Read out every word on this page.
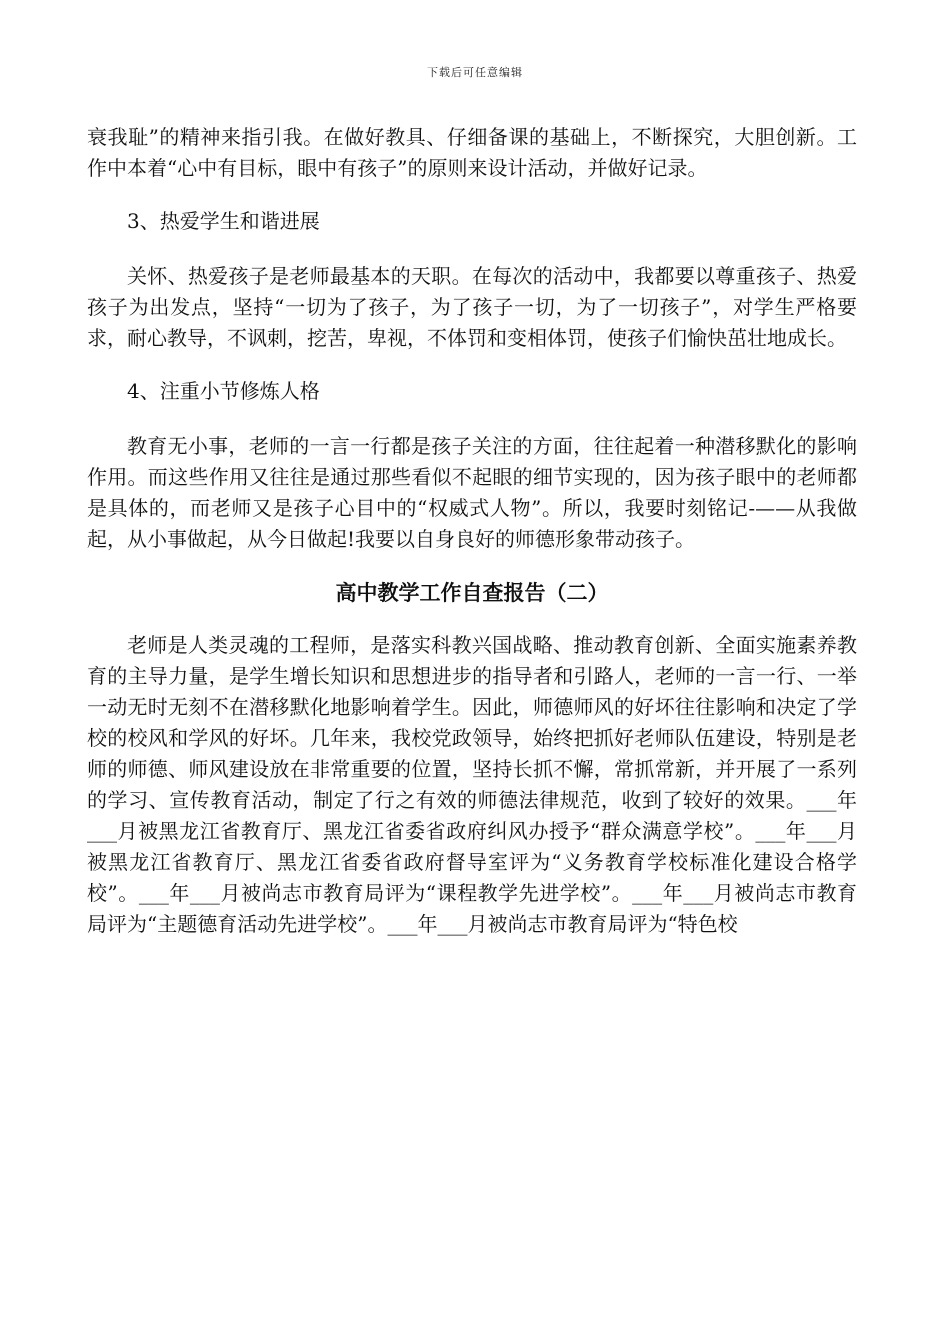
下载后可任意编辑

衰我耻”的精神来指引我。在做好教具、仔细备课的基础上，不断探究，大胆创新。工作中本着“心中有目标，眼中有孩子”的原则来设计活动，并做好记录。

3、热爱学生和谐进展

关怀、热爱孩子是老师最基本的天职。在每次的活动中，我都要以尊重孩子、热爱孩子为出发点，坚持“一切为了孩子，为了孩子一切，为了一切孩子”，对学生严格要求，耐心教导，不讽刺，挖苦，卑视，不体罚和变相体罚，使孩子们愉快茁壮地成长。

4、注重小节修炼人格

教育无小事，老师的一言一行都是孩子关注的方面，往往起着一种潜移默化的影响作用。而这些作用又往往是通过那些看似不起眼的细节实现的，因为孩子眼中的老师都是具体的，而老师又是孩子心目中的“权威式人物”。所以，我要时刻铭记-——从我做起，从小事做起，从今日做起!我要以自身良好的师德形象带动孩子。

高中教学工作自查报告（二）

老师是人类灵魂的工程师，是落实科教兴国战略、推动教育创新、全面实施素养教育的主导力量，是学生增长知识和思想进步的指导者和引路人，老师的一言一行、一举一动无时无刻不在潜移默化地影响着学生。因此，师德师风的好坏往往影响和决定了学校的校风和学风的好坏。几年来，我校党政领导，始终把抓好老师队伍建设，特别是老师的师德、师风建设放在非常重要的位置，坚持长抓不懈，常抓常新，并开展了一系列的学习、宣传教育活动，制定了行之有效的师德法律规范，收到了较好的效果。___年___月被黑龙江省教育厅、黑龙江省委省政府纠风办授予“群众满意学校”。___年___月被黑龙江省教育厅、黑龙江省委省政府督导室评为“义务教育学校标准化建设合格学校”。___年___月被尚志市教育局评为“课程教学先进学校”。___年___月被尚志市教育局评为“主题德育活动先进学校”。___年___月被尚志市教育局评为“特色校
